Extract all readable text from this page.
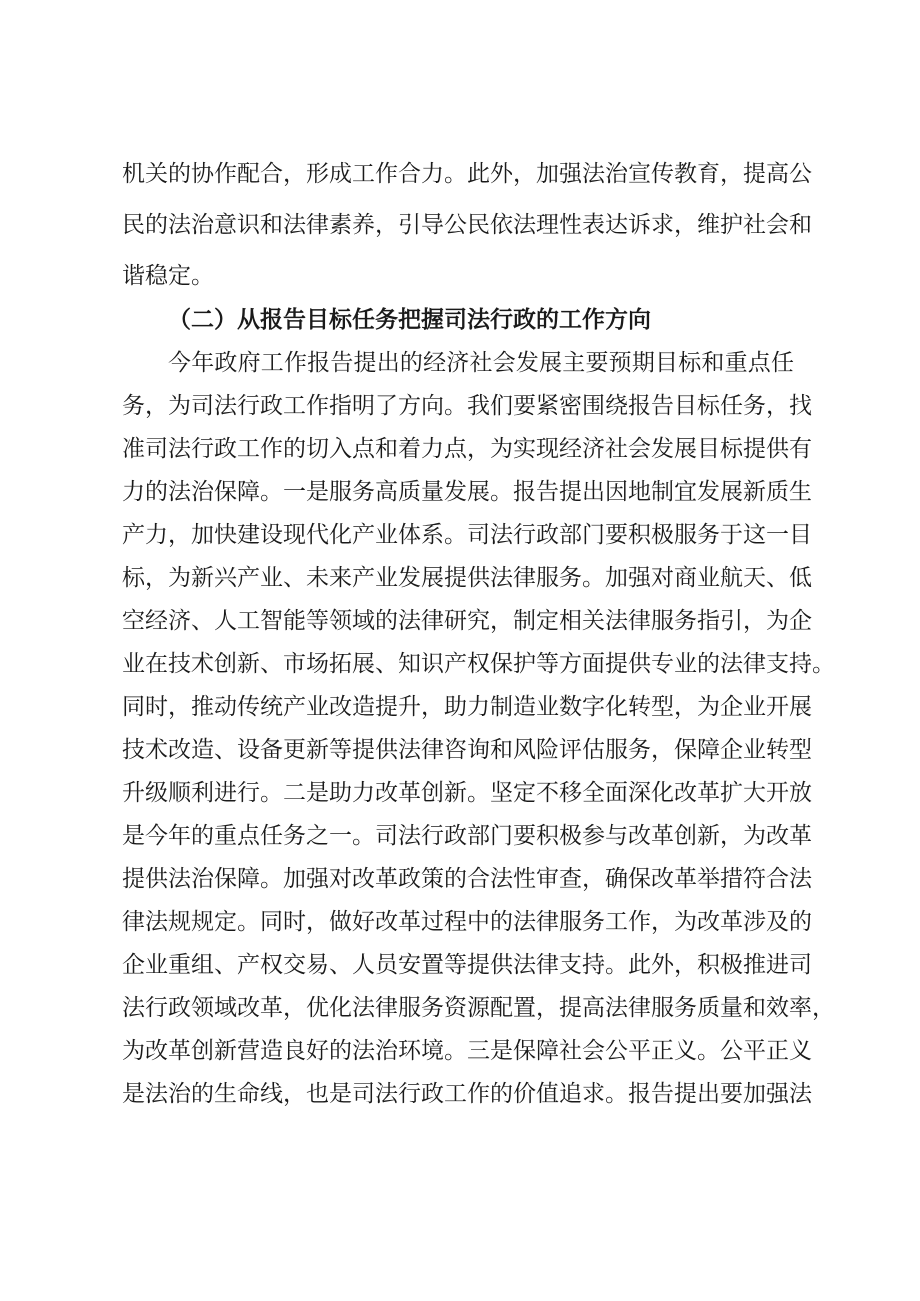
机关的协作配合，形成工作合力。此外，加强法治宣传教育，提高公

民的法治意识和法律素养，引导公民依法理性表达诉求，维护社会和

谐稳定。

（二）从报告目标任务把握司法行政的工作方向

今年政府工作报告提出的经济社会发展主要预期目标和重点任

务，为司法行政工作指明了方向。我们要紧密围绕报告目标任务，找

准司法行政工作的切入点和着力点，为实现经济社会发展目标提供有

力的法治保障。一是服务高质量发展。报告提出因地制宜发展新质生

产力，加快建设现代化产业体系。司法行政部门要积极服务于这一目

标，为新兴产业、未来产业发展提供法律服务。加强对商业航天、低

空经济、人工智能等领域的法律研究，制定相关法律服务指引，为企

业在技术创新、市场拓展、知识产权保护等方面提供专业的法律支持。

同时，推动传统产业改造提升，助力制造业数字化转型，为企业开展

技术改造、设备更新等提供法律咨询和风险评估服务，保障企业转型

升级顺利进行。二是助力改革创新。坚定不移全面深化改革扩大开放

是今年的重点任务之一。司法行政部门要积极参与改革创新，为改革

提供法治保障。加强对改革政策的合法性审查，确保改革举措符合法

律法规规定。同时，做好改革过程中的法律服务工作，为改革涉及的

企业重组、产权交易、人员安置等提供法律支持。此外，积极推进司

法行政领域改革，优化法律服务资源配置，提高法律服务质量和效率，

为改革创新营造良好的法治环境。三是保障社会公平正义。公平正义

是法治的生命线，也是司法行政工作的价值追求。报告提出要加强法
